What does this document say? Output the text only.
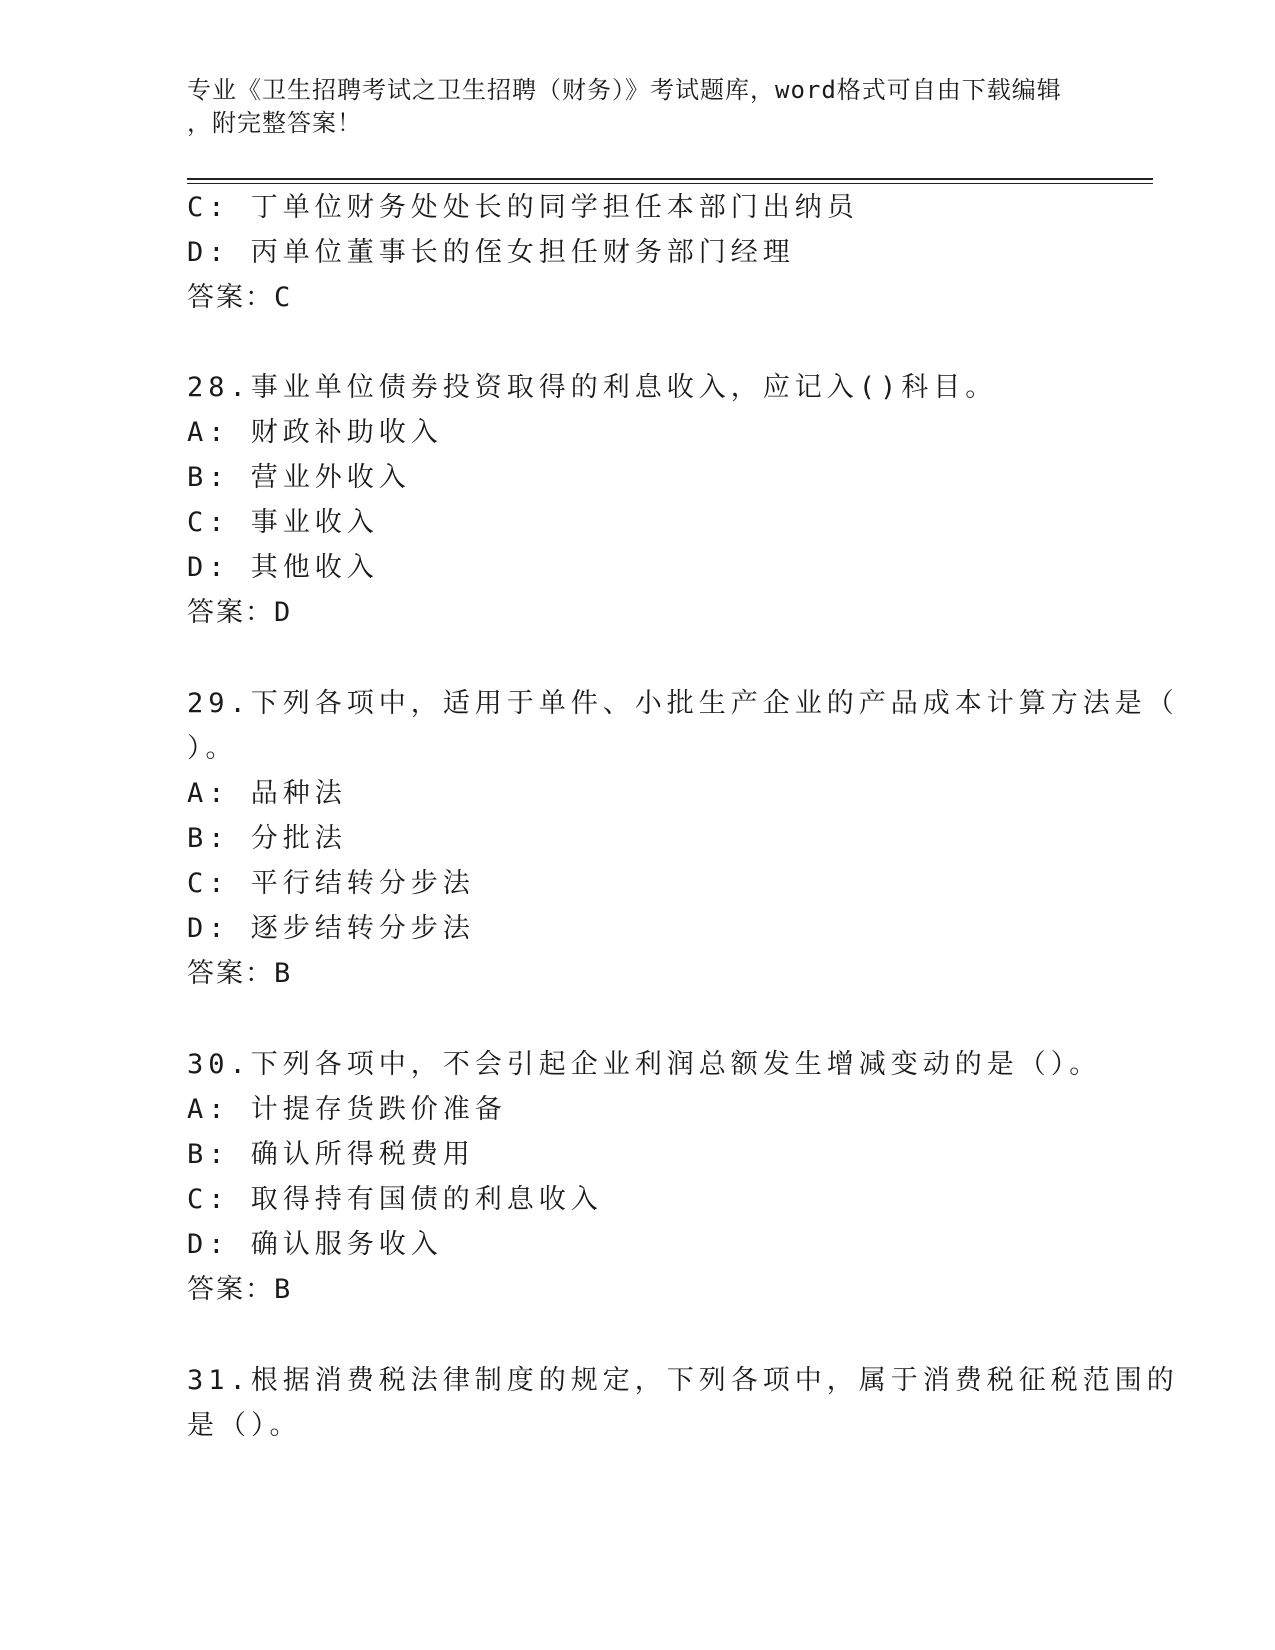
专业《卫生招聘考试之卫生招聘（财务）》考试题库，word格式可自由下载编辑
，附完整答案！
C: 丁单位财务处处长的同学担任本部门出纳员
D: 丙单位董事长的侄女担任财务部门经理
答案：C
28.事业单位债券投资取得的利息收入，应记入()科目。
A: 财政补助收入
B: 营业外收入
C: 事业收入
D: 其他收入
答案：D
29.下列各项中，适用于单件、小批生产企业的产品成本计算方法是（
）。
A: 品种法
B: 分批法
C: 平行结转分步法
D: 逐步结转分步法
答案：B
30.下列各项中，不会引起企业利润总额发生增减变动的是（）。
A: 计提存货跌价准备
B: 确认所得税费用
C: 取得持有国债的利息收入
D: 确认服务收入
答案：B
31.根据消费税法律制度的规定，下列各项中，属于消费税征税范围的
是（）。
